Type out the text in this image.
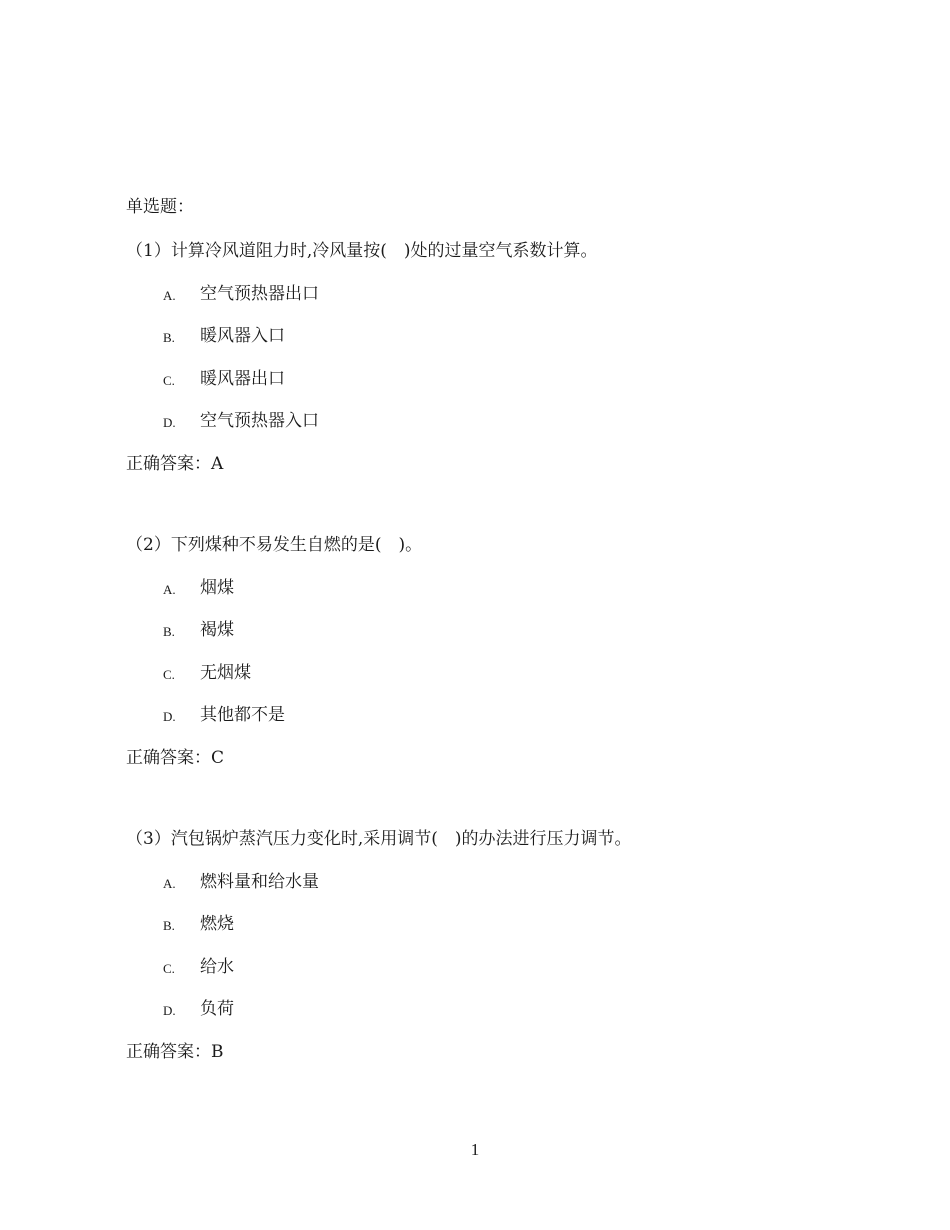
单选题：
（1）计算冷风道阻力时,冷风量按(　)处的过量空气系数计算。
A. 空气预热器出口
B. 暖风器入口
C. 暖风器出口
D. 空气预热器入口
正确答案：A
（2）下列煤种不易发生自燃的是(　)。
A. 烟煤
B. 褐煤
C. 无烟煤
D. 其他都不是
正确答案：C
（3）汽包锅炉蒸汽压力变化时,采用调节(　)的办法进行压力调节。
A. 燃料量和给水量
B. 燃烧
C. 给水
D. 负荷
正确答案：B
1
